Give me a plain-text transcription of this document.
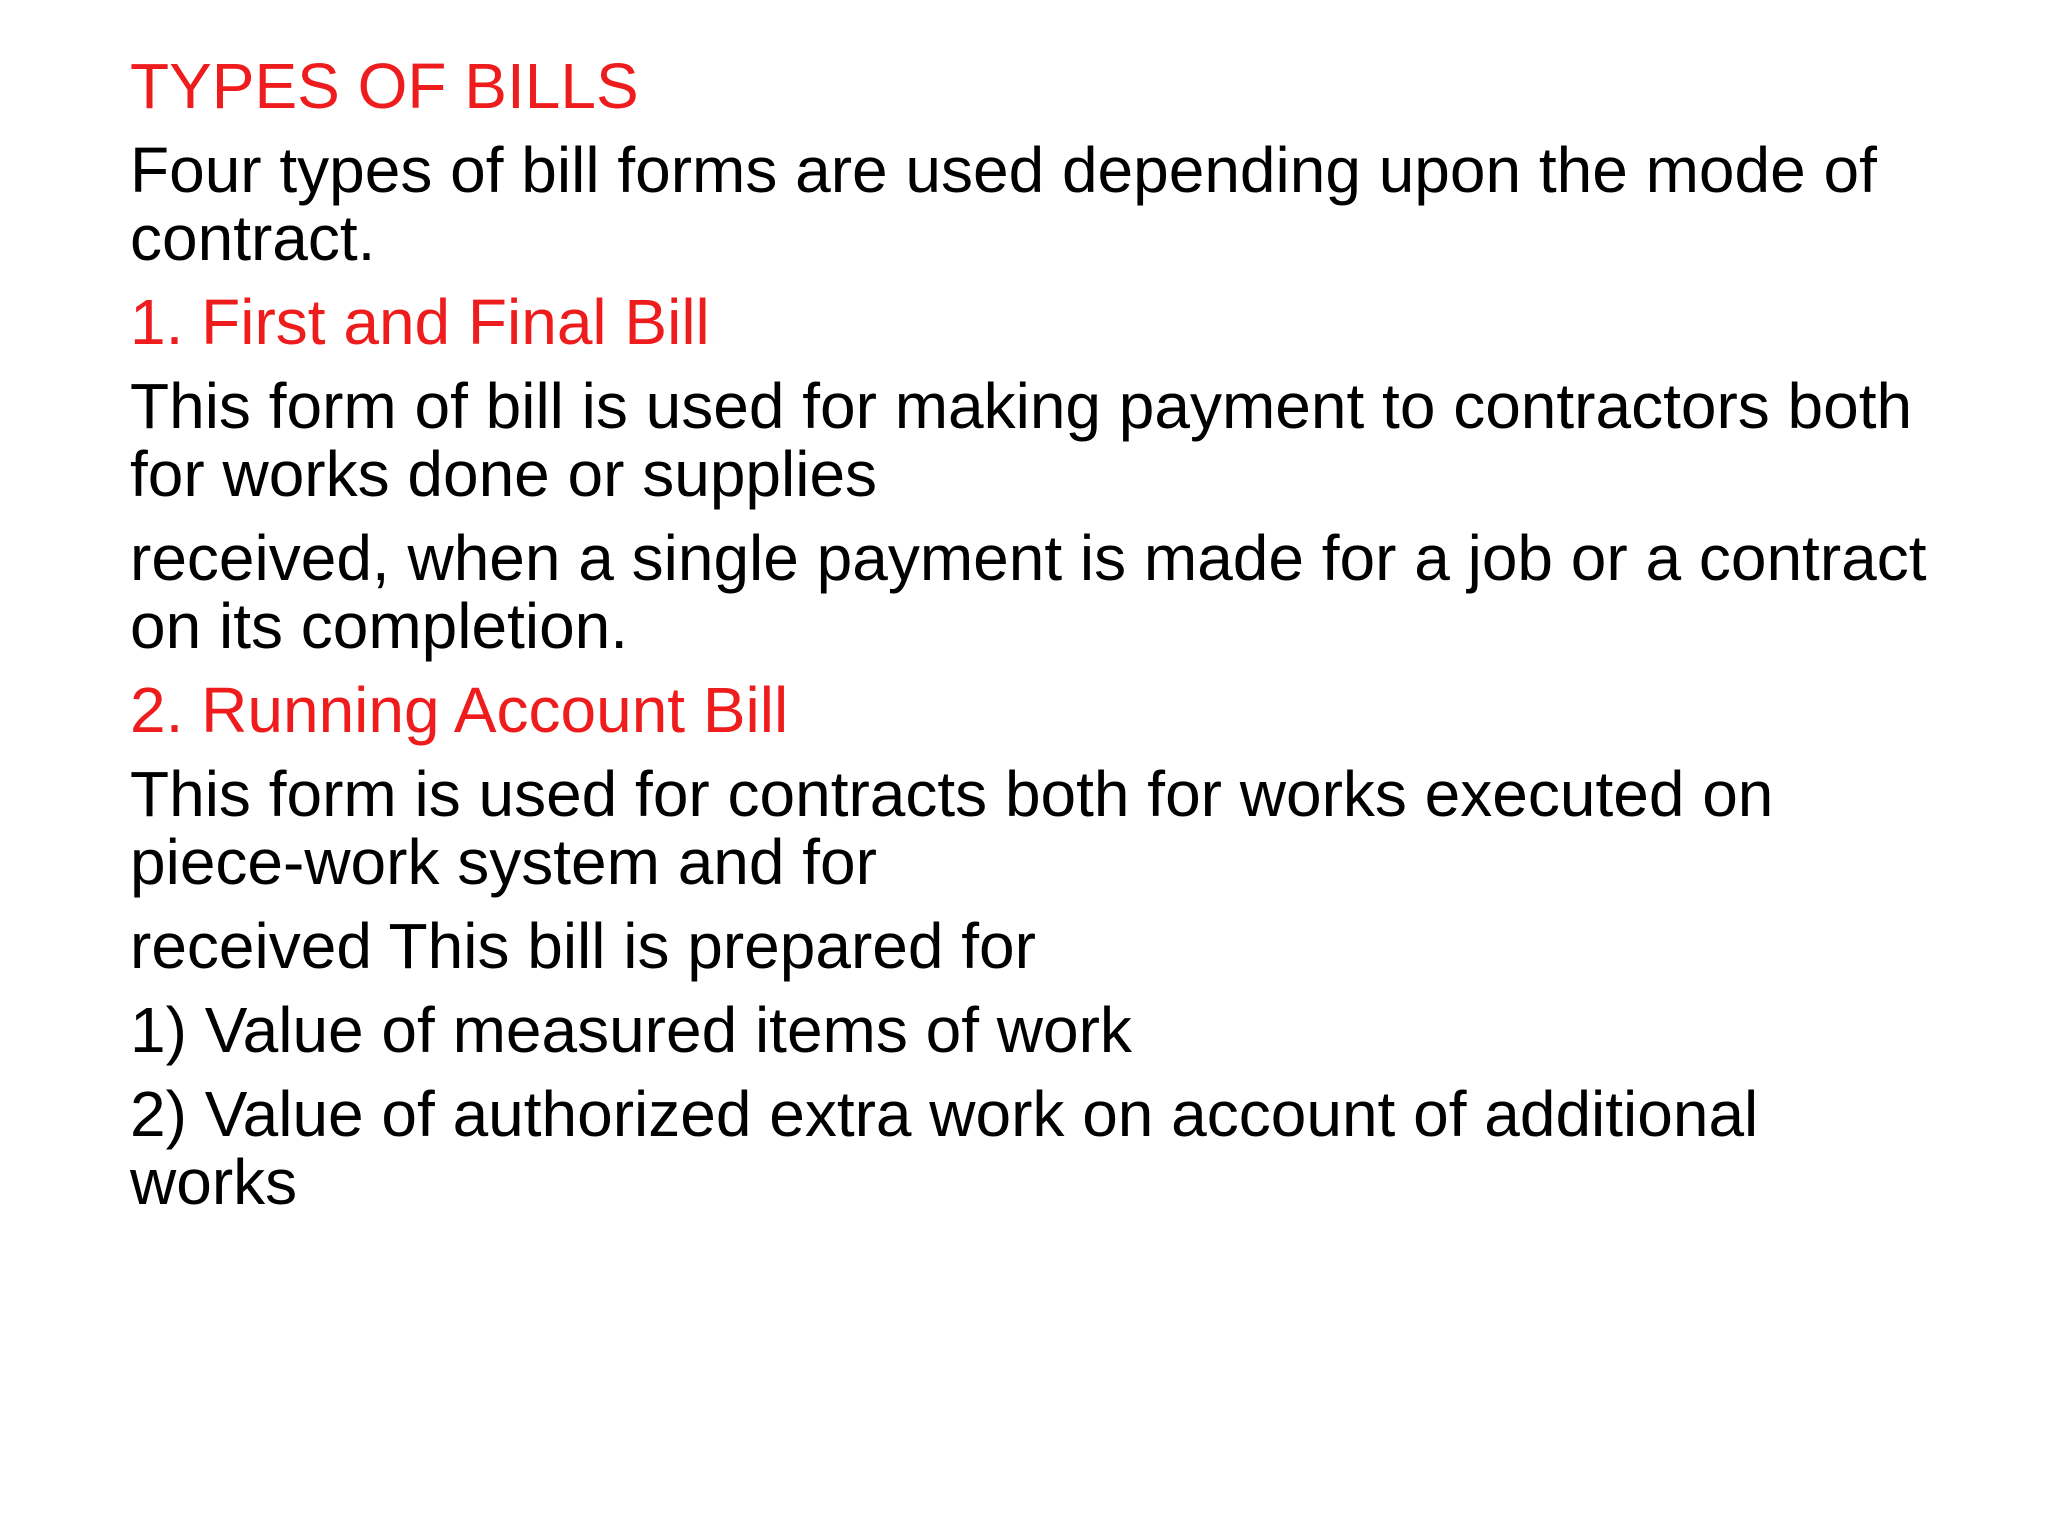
TYPES OF BILLS

Four types of bill forms are used depending upon the mode of

contract.

1. First and Final Bill

This form of bill is used for making payment to contractors both

for works done or supplies

received, when a single payment is made for a job or a contract

on its completion.

2. Running Account Bill

This form is used for contracts both for works executed on

piece-work system and for

received This bill is prepared for

1) Value of measured items of work

2) Value of authorized extra work on account of additional

works
